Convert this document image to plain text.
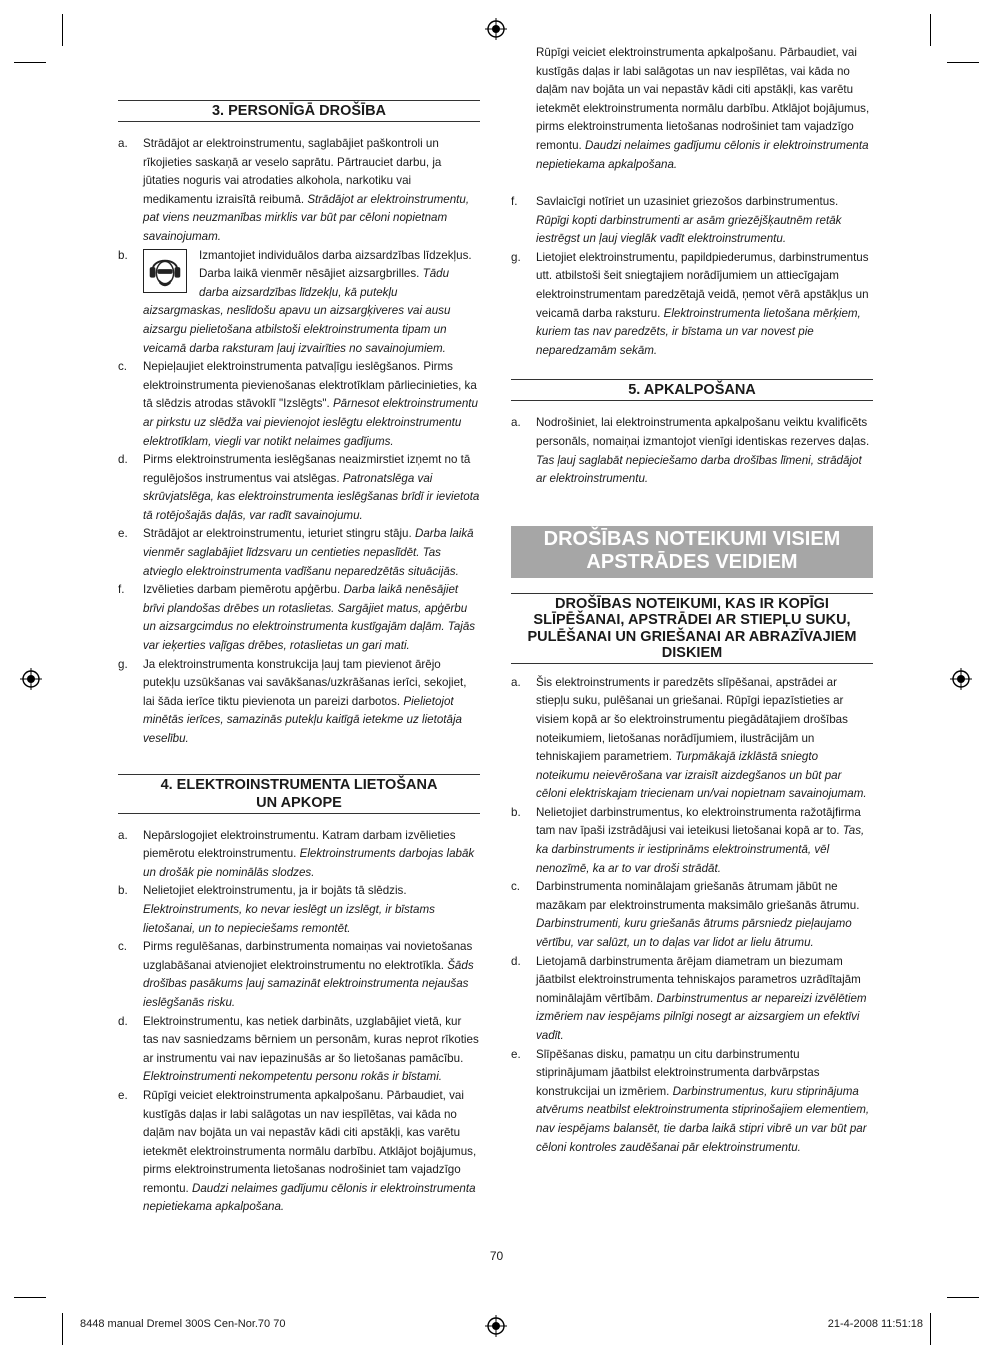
3. PERSONĪGĀ DROŠĪBA
a.	Strādājot ar elektroinstrumentu, saglabājiet paškontroli un rīkojieties saskaņā ar veselo saprātu. Pārtrauciet darbu, ja jūtaties noguris vai atrodaties alkohola, narkotiku vai medikamentu izraisītā reibumā. Strādājot ar elektroinstrumentu, pat viens neuzmanības mirklis var būt par cēloni nopietnam savainojumam.
b.	Izmantojiet individuālos darba aizsardzības līdzekļus. Darba laikā vienmēr nēsājiet aizsargbrilles. Tādu darba aizsardzības līdzekļu, kā putekļu aizsargmaskas, neslīdošu apavu un aizsargķiveres vai ausu aizsargu pielietošana atbilstoši elektroinstrumenta tipam un veicamā darba raksturam ļauj izvairīties no savainojumiem.
c.	Nepieļaujiet elektroinstrumenta patvaļīgu ieslēgšanos. Pirms elektroinstrumenta pievienošanas elektrotīklam pārliecinieties, ka tā slēdzis atrodas stāvoklī "Izslēgts". Pārnesot elektroinstrumentu ar pirkstu uz slēdža vai pievienojot ieslēgtu elektroinstrumentu elektrotīklam, viegli var notikt nelaimes gadījums.
d.	Pirms elektroinstrumenta ieslēgšanas neaizmirstiet izņemt no tā regulējošos instrumentus vai atslēgas. Patronatslēga vai skrūvjatslēga, kas elektroinstrumenta ieslēgšanas brīdī ir ievietota tā rotējošajās daļās, var radīt savainojumu.
e.	Strādājot ar elektroinstrumentu, ieturiet stingru stāju. Darba laikā vienmēr saglabājiet līdzsvaru un centieties nepaslīdēt. Tas atvieglo elektroinstrumenta vadīšanu neparedzētās situācijās.
f.	Izvēlieties darbam piemērotu apģērbu. Darba laikā nenēsājiet brīvi plandošas drēbes un rotaslietas. Sargājiet matus, apģērbu un aizsargcimdus no elektroinstrumenta kustīgajām daļām. Tajās var ieķerties vaļīgas drēbes, rotaslietas un gari mati.
g.	Ja elektroinstrumenta konstrukcija ļauj tam pievienot ārējo putekļu uzsūkšanas vai savākšanas/uzkrāšanas ierīci, sekojiet, lai šāda ierīce tiktu pievienota un pareizi darbotos. Pielietojot minētās ierīces, samazinās putekļu kaitīgā ietekme uz lietotāja veselību.
4. ELEKTROINSTRUMENTA LIETOŠANA
UN APKOPE
a.	Nepārslogojiet elektroinstrumentu. Katram darbam izvēlieties piemērotu elektroinstrumentu. Elektroinstruments darbojas labāk un drošāk pie nominālās slodzes.
b.	Nelietojiet elektroinstrumentu, ja ir bojāts tā slēdzis. Elektroinstruments, ko nevar ieslēgt un izslēgt, ir bīstams lietošanai, un to nepieciešams remontēt.
c.	Pirms regulēšanas, darbinstrumenta nomaiņas vai novietošanas uzglabāšanai atvienojiet elektroinstrumentu no elektrotīkla. Šāds drošības pasākums ļauj samazināt elektroinstrumenta nejaušas ieslēgšanās risku.
d.	Elektroinstrumentu, kas netiek darbināts, uzglabājiet vietā, kur tas nav sasniedzams bērniem un personām, kuras neprot rīkoties ar instrumentu vai nav iepazinušās ar šo lietošanas pamācību. Elektroinstrumenti nekompetentu personu rokās ir bīstami.
e.	Rūpīgi veiciet elektroinstrumenta apkalpošanu. Pārbaudiet, vai kustīgās daļas ir labi salāgotas un nav iespīlētas, vai kāda no daļām nav bojāta un vai nepastāv kādi citi apstākļi, kas varētu ietekmēt elektroinstrumenta normālu darbību. Atklājot bojājumus, pirms elektroinstrumenta lietošanas nodrošiniet tam vajadzīgo remontu. Daudzi nelaimes gadījumu cēlonis ir elektroinstrumenta nepietiekama apkalpošana.
Rūpīgi veiciet elektroinstrumenta apkalpošanu. Pārbaudiet, vai kustīgās daļas ir labi salāgotas un nav iespīlētas, vai kāda no daļām nav bojāta un vai nepastāv kādi citi apstākļi, kas varētu ietekmēt elektroinstrumenta normālu darbību. Atklājot bojājumus, pirms elektroinstrumenta lietošanas nodrošiniet tam vajadzīgo remontu. Daudzi nelaimes gadījumu cēlonis ir elektroinstrumenta nepietiekama apkalpošana.
f.	Savlaicīgi notīriet un uzasiniet griezošos darbinstrumentus. Rūpīgi kopti darbinstrumenti ar asām griezējšķautnēm retāk iestrēgst un ļauj vieglāk vadīt elektroinstrumentu.
g.	Lietojiet elektroinstrumentu, papildpiederumus, darbinstrumentus utt. atbilstoši šeit sniegtajiem norādījumiem un attiecīgajam elektroinstrumentam paredzētajā veidā, ņemot vērā apstākļus un veicamā darba raksturu. Elektroinstrumenta lietošana mērķiem, kuriem tas nav paredzēts, ir bīstama un var novest pie neparedzamām sekām.
5. APKALPOŠANA
a.	Nodrošiniet, lai elektroinstrumenta apkalpošanu veiktu kvalificēts personāls, nomaiņai izmantojot vienīgi identiskas rezerves daļas. Tas ļauj saglabāt nepieciešamo darba drošības līmeni, strādājot ar elektroinstrumentu.
DROŠĪBAS NOTEIKUMI VISIEM
APSTRĀDES VEIDIEM
DROŠĪBAS NOTEIKUMI, KAS IR KOPĪGI
SLĪPĒŠANAI, APSTRĀDEI AR STIEPĻU SUKU,
PULĒŠANAI UN GRIEŠANAI AR ABRAZĪVAJIEM
DISKIEM
a.	Šis elektroinstruments ir paredzēts slīpēšanai, apstrādei ar stiepļu suku, pulēšanai un griešanai. Rūpīgi iepazīstieties ar visiem kopā ar šo elektroinstrumentu piegādātajiem drošības noteikumiem, lietošanas norādījumiem, ilustrācijām un tehniskajiem parametriem. Turpmākajā izklāstā sniegto noteikumu neievērošana var izraisīt aizdegšanos un būt par cēloni elektriskajam triecienam un/vai nopietnam savainojumam.
b.	Nelietojiet darbinstrumentus, ko elektroinstrumenta ražotājfirma tam nav īpaši izstrādājusi vai ieteikusi lietošanai kopā ar to. Tas, ka darbinstruments ir iestiprināms elektroinstrumentā, vēl nenozīmē, ka ar to var droši strādāt.
c.	Darbinstrumenta nominālajam griešanās ātrumam jābūt ne mazākam par elektroinstrumenta maksimālo griešanās ātrumu. Darbinstrumenti, kuru griešanās ātrums pārsniedz pieļaujamo vērtību, var salūzt, un to daļas var lidot ar lielu ātrumu.
d.	Lietojamā darbinstrumenta ārējam diametram un biezumam jāatbilst elektroinstrumenta tehniskajos parametros uzrādītajām nominālajām vērtībām. Darbinstrumentus ar nepareizi izvēlētiem izmēriem nav iespējams pilnīgi nosegt ar aizsargiem un efektīvi vadīt.
e.	Slīpēšanas disku, pamatņu un citu darbinstrumentu stiprinājumam jāatbilst elektroinstrumenta darbvārpstas konstrukcijai un izmēriem. Darbinstrumentus, kuru stiprinājuma atvērums neatbilst elektroinstrumenta stiprinošajiem elementiem, nav iespējams balansēt, tie darba laikā stipri vibrē un var būt par cēloni kontroles zaudēšanai pār elektroinstrumentu.
70
8448 manual Dremel 300S Cen-Nor.70 70	21-4-2008 11:51:18
